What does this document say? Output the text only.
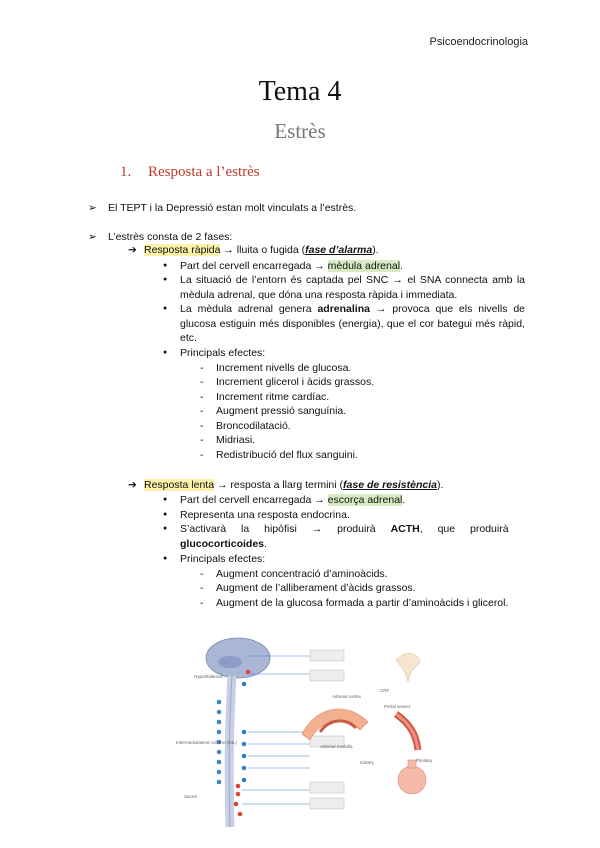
Psicoendocrinologia
Tema 4
Estrès
1. Resposta a l’estrès
➢ El TEPT i la Depressió estan molt vinculats a l’estrès.
➢ L’estrès consta de 2 fases:
➔ Resposta ràpida → lluita o fugida (fase d’alarma).
● Part del cervell encarregada → mèdula adrenal.
● La situació de l’entorn és captada pel SNC → el SNA connecta amb la mèdula adrenal, que dóna una resposta ràpida i immediata.
● La mèdula adrenal genera adrenalina → provoca que els nivells de glucosa estiguin més disponibles (energia), que el cor bategui més ràpid, etc.
● Principals efectes:
- Increment nivells de glucosa.
- Increment glicerol i àcids grassos.
- Increment ritme cardíac.
- Augment pressió sanguínia.
- Broncodilatació.
- Midriasi.
- Redistribució del flux sanguini.
➔ Resposta lenta → resposta a llarg termini (fase de resistència).
● Part del cervell encarregada → escorça adrenal.
● Representa una resposta endocrina.
● S’activarà la hipòfisi → produirà ACTH, que produirà
glucocorticoides.
● Principals efectes:
- Augment concentració d’aminoàcids.
- Augment de l’alliberament d’àcids grassos.
- Augment de la glucosa formada a partir d’aminoàcids i glicerol.
Hypothalamus
Intermediolateral column (IML)
Sacral
Adrenal cortex
Adrenal medulla
Kidney
CRF
Portal vessel
Pituitary
